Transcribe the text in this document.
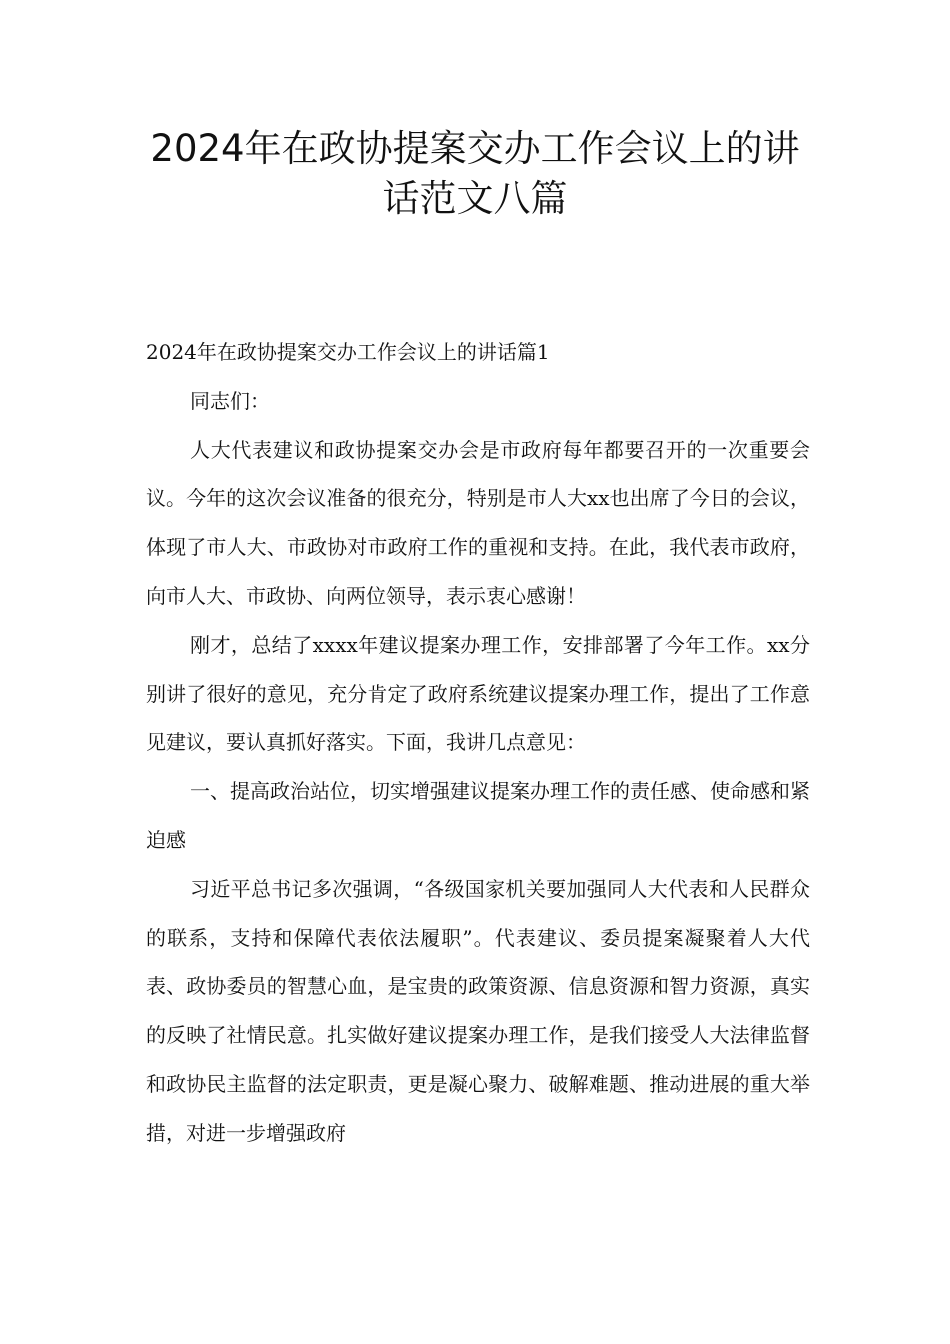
2024年在政协提案交办工作会议上的讲
话范文八篇

2024年在政协提案交办工作会议上的讲话篇1

同志们：

人大代表建议和政协提案交办会是市政府每年都要召开的一次重要会议。今年的这次会议准备的很充分，特别是市人大xx也出席了今日的会议，体现了市人大、市政协对市政府工作的重视和支持。在此，我代表市政府，向市人大、市政协、向两位领导，表示衷心感谢！

刚才，总结了xxxx年建议提案办理工作，安排部署了今年工作。xx分别讲了很好的意见，充分肯定了政府系统建议提案办理工作，提出了工作意见建议，要认真抓好落实。下面，我讲几点意见：

一、提高政治站位，切实增强建议提案办理工作的责任感、使命感和紧迫感

习近平总书记多次强调，“各级国家机关要加强同人大代表和人民群众的联系，支持和保障代表依法履职”。代表建议、委员提案凝聚着人大代表、政协委员的智慧心血，是宝贵的政策资源、信息资源和智力资源，真实的反映了社情民意。扎实做好建议提案办理工作，是我们接受人大法律监督和政协民主监督的法定职责，更是凝心聚力、破解难题、推动进展的重大举措，对进一步增强政府
